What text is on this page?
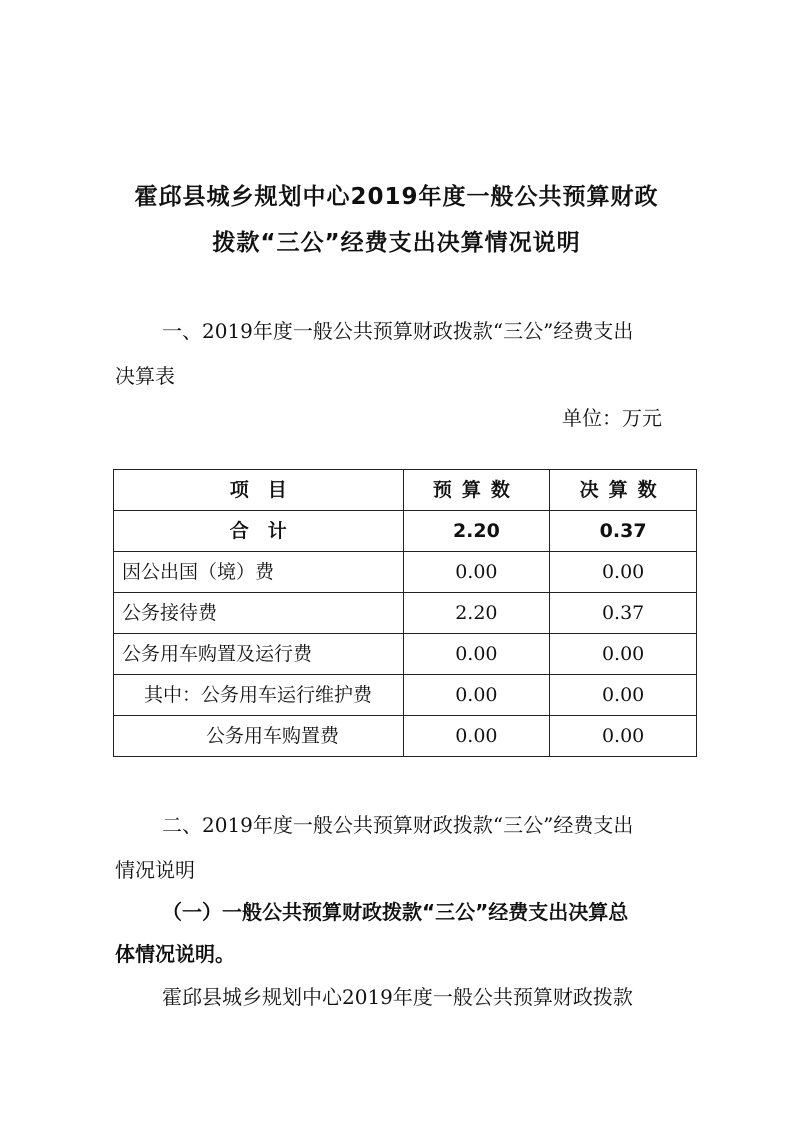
霍邱县城乡规划中心2019年度一般公共预算财政
拨款“三公”经费支出决算情况说明
一、2019年度一般公共预算财政拨款“三公”经费支出
决算表
单位：万元
项　目	预算数	决算数
合　计	2.20	0.37
因公出国（境）费	0.00	0.00
公务接待费	2.20	0.37
公务用车购置及运行费	0.00	0.00
其中：公务用车运行维护费	0.00	0.00
公务用车购置费	0.00	0.00
二、2019年度一般公共预算财政拨款“三公”经费支出
情况说明
（一）一般公共预算财政拨款“三公”经费支出决算总
体情况说明。
霍邱县城乡规划中心2019年度一般公共预算财政拨款
